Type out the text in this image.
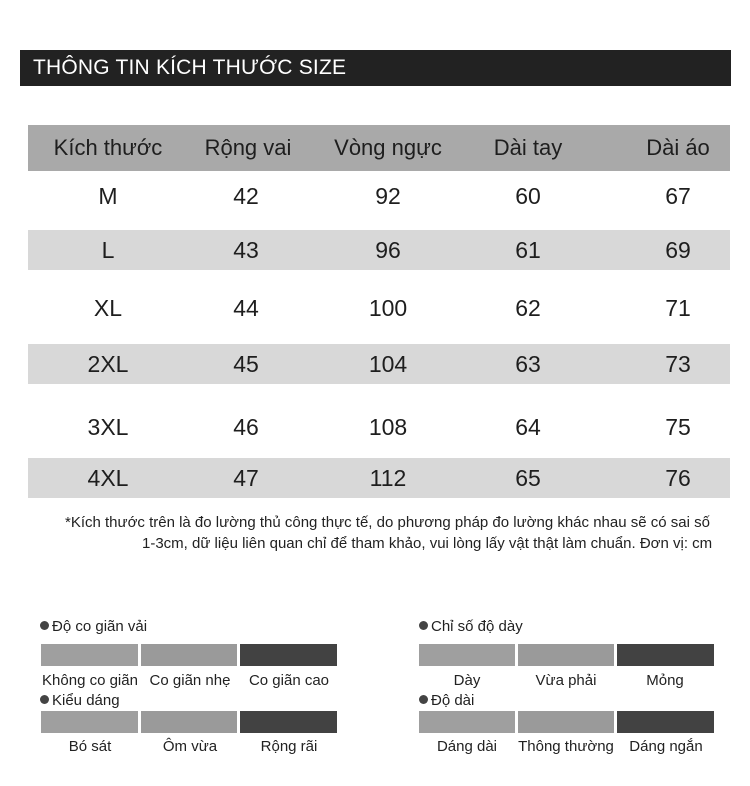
THÔNG TIN KÍCH THƯỚC SIZE
Kích thước	Rộng vai	Vòng ngực	Dài tay	Dài áo
M	42	92	60	67
L	43	96	61	69
XL	44	100	62	71
2XL	45	104	63	73
3XL	46	108	64	75
4XL	47	112	65	76
*Kích thước trên là đo lường thủ công thực tế, do phương pháp đo lường khác nhau sẽ có sai số
1-3cm, dữ liệu liên quan chỉ để tham khảo, vui lòng lấy vật thật làm chuẩn. Đơn vị: cm
Độ co giãn vải
Không co giãn Co giãn nhẹ	Co giãn cao
Kiểu dáng
Bó sát	Ôm vừa	Rộng rãi
Chỉ số độ dày
Dày	Vừa phải	Mỏng
Độ dài
Dáng dài	Thông thường	Dáng ngắn
